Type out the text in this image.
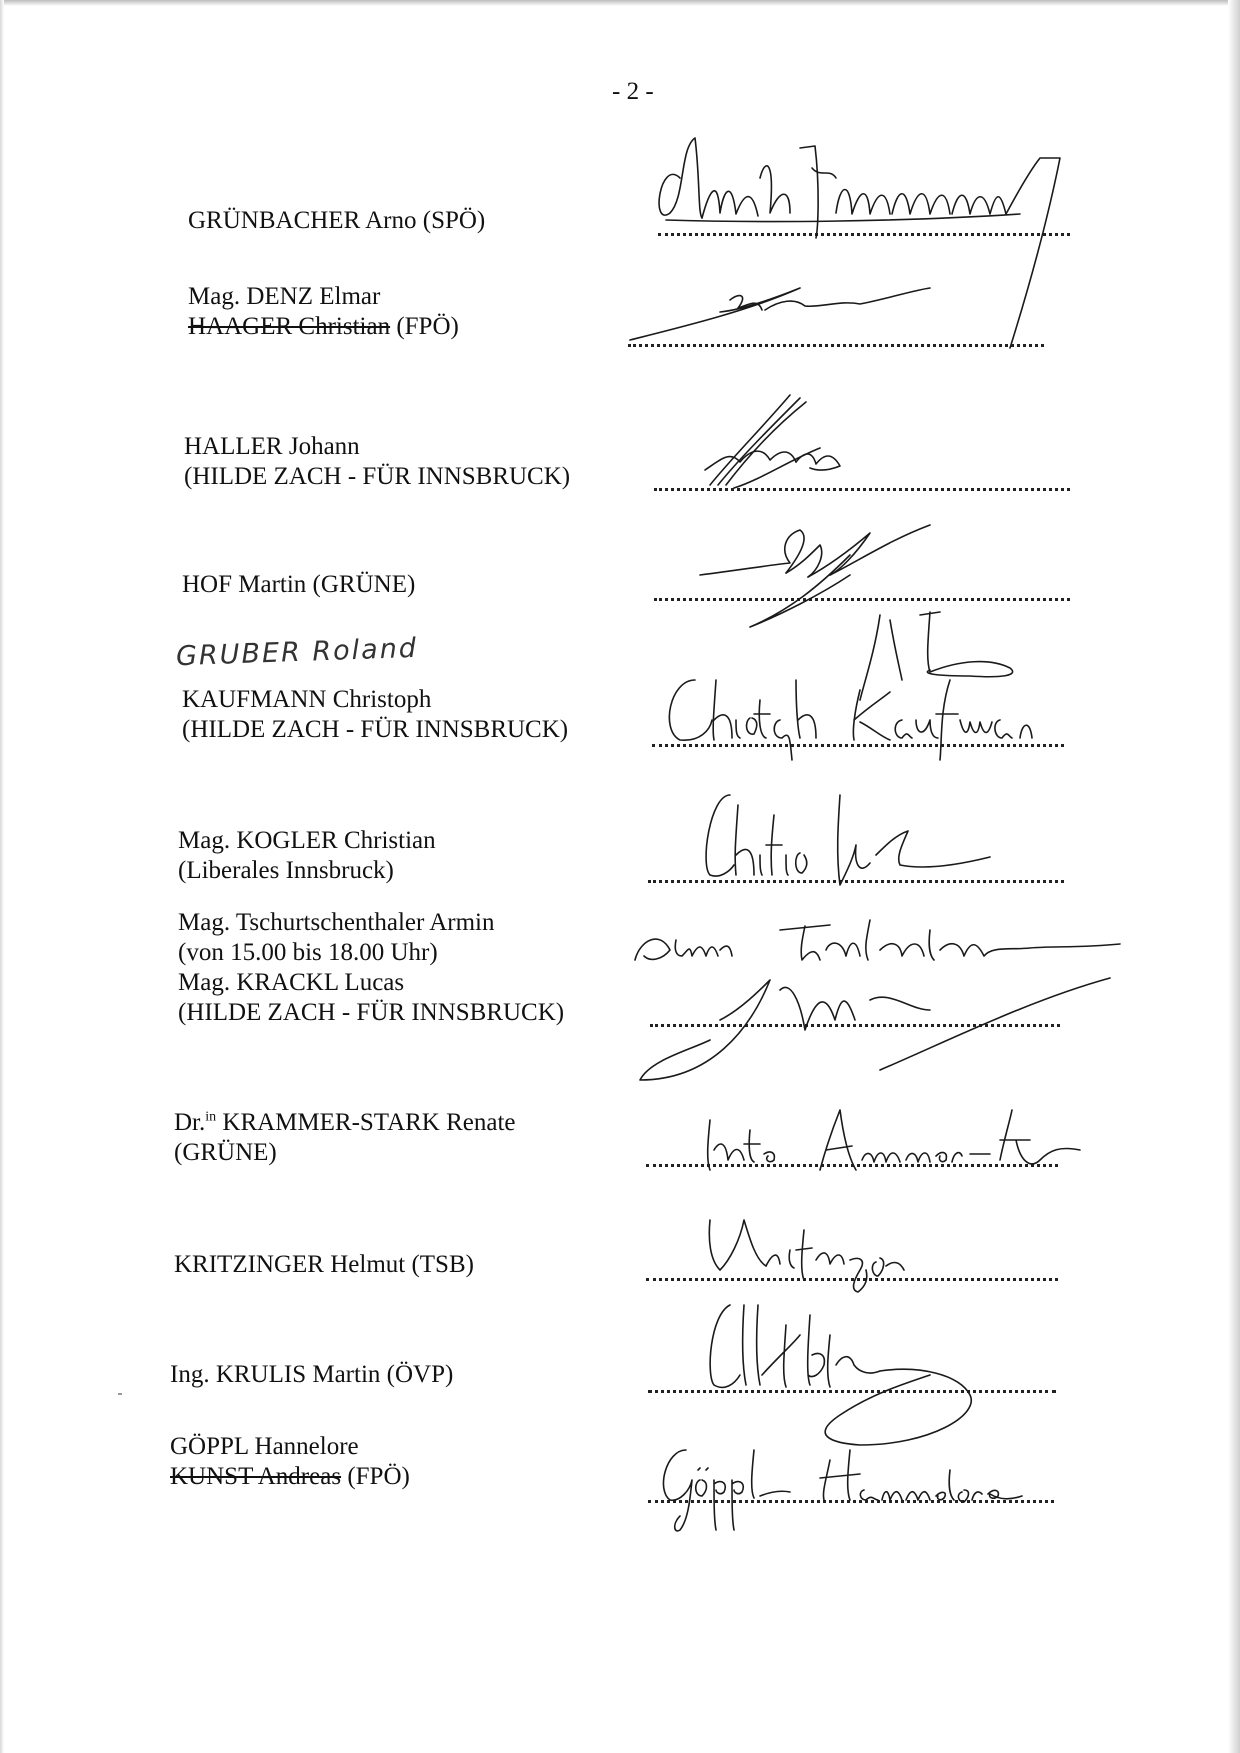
- 2 -
GRÜNBACHER Arno (SPÖ)
Mag. DENZ Elmar
HAAGER Christian (FPÖ)
HALLER Johann
(HILDE ZACH - FÜR INNSBRUCK)
HOF Martin (GRÜNE)
GRUBER Roland
KAUFMANN Christoph
(HILDE ZACH - FÜR INNSBRUCK)
Mag. KOGLER Christian
(Liberales Innsbruck)
Mag. Tschurtschenthaler Armin
(von 15.00 bis 18.00 Uhr)
Mag. KRACKL Lucas
(HILDE ZACH - FÜR INNSBRUCK)
Dr.$^{in}$ KRAMMER-STARK Renate
(GRÜNE)
KRITZINGER Helmut (TSB)
Ing. KRULIS Martin (ÖVP)
GÖPPL Hannelore
KUNST Andreas (FPÖ)
